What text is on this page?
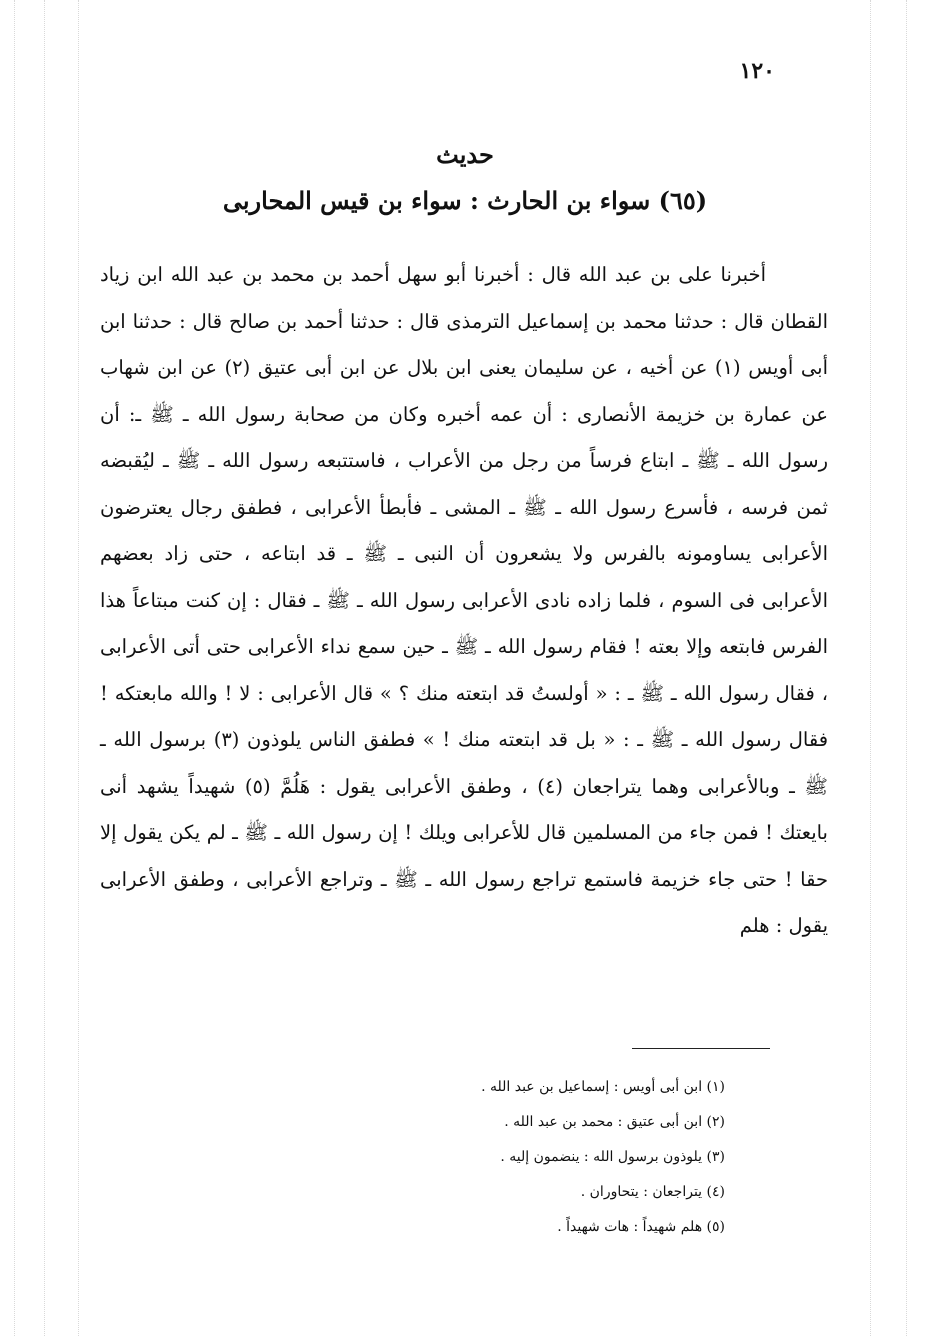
١٢٠
حديث
(٦٥) سواء بن الحارث : سواء بن قيس المحاربى

أخبرنا على بن عبد الله قال : أخبرنا أبو سهل أحمد بن محمد بن عبد الله ابن زياد القطان قال : حدثنا محمد بن إسماعيل الترمذى قال : حدثنا أحمد بن صالح قال : حدثنا ابن أبى أويس (١) عن أخيه ، عن سليمان يعنى ابن بلال عن ابن أبى عتيق (٢) عن ابن شهاب عن عمارة بن خزيمة الأنصارى : أن عمه أخبره وكان من صحابة رسول الله ـ ﷺ ـ: أن رسول الله ـ ﷺ ـ ابتاع فرساً من رجل من الأعراب ، فاستتبعه رسول الله ـ ﷺ ـ ليُقبضه ثمن فرسه ، فأسرع رسول الله ـ ﷺ ـ المشى ـ فأبطأ الأعرابى ، فطفق رجال يعترضون الأعرابى يساومونه بالفرس ولا يشعرون أن النبى ـ ﷺ ـ قد ابتاعه ، حتى زاد بعضهم الأعرابى فى السوم ، فلما زاده نادى الأعرابى رسول الله ـ ﷺ ـ فقال : إن كنت مبتاعاً هذا الفرس فابتعه وإلا بعته ! فقام رسول الله ـ ﷺ ـ حين سمع نداء الأعرابى حتى أتى الأعرابى ، فقال رسول الله ـ ﷺ ـ : « أولستُ قد ابتعته منك ؟ » قال الأعرابى : لا ! والله مابعتكه ! فقال رسول الله ـ ﷺ ـ : « بل قد ابتعته منك ! » فطفق الناس يلوذون (٣) برسول الله ـ ﷺ ـ وبالأعرابى وهما يتراجعان (٤) ، وطفق الأعرابى يقول : هَلُمَّ (٥) شهيداً يشهد أنى بايعتك ! فمن جاء من المسلمين قال للأعرابى ويلك ! إن رسول الله ـ ﷺ ـ لم يكن يقول إلا حقا ! حتى جاء خزيمة فاستمع تراجع رسول الله ـ ﷺ ـ وتراجع الأعرابى ، وطفق الأعرابى يقول : هلم

(١) ابن أبى أويس : إسماعيل بن عبد الله .
(٢) ابن أبى عتيق : محمد بن عبد الله .
(٣) يلوذون برسول الله : ينضمون إليه .
(٤) يتراجعان : يتحاوران .
(٥) هلم شهيداً : هات شهيداً .
